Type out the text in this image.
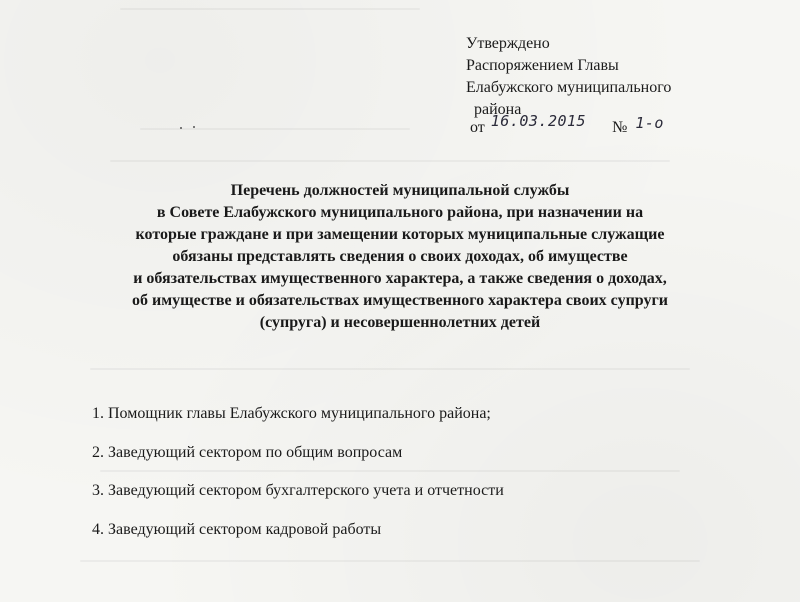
Утверждено
Распоряжением Главы
Елабужского муниципального
района
от 16.03.2015 № 1-о
Перечень должностей муниципальной службы
в Совете Елабужского муниципального района, при назначении на
которые граждане и при замещении которых муниципальные служащие
обязаны представлять сведения о своих доходах, об имуществе
и обязательствах имущественного характера, а также сведения о доходах,
об имуществе и обязательствах имущественного характера своих супруги
(супруга) и несовершеннолетних детей
1. Помощник главы Елабужского муниципального района;
2. Заведующий сектором по общим вопросам
3. Заведующий сектором бухгалтерского учета и отчетности
4. Заведующий сектором кадровой работы
